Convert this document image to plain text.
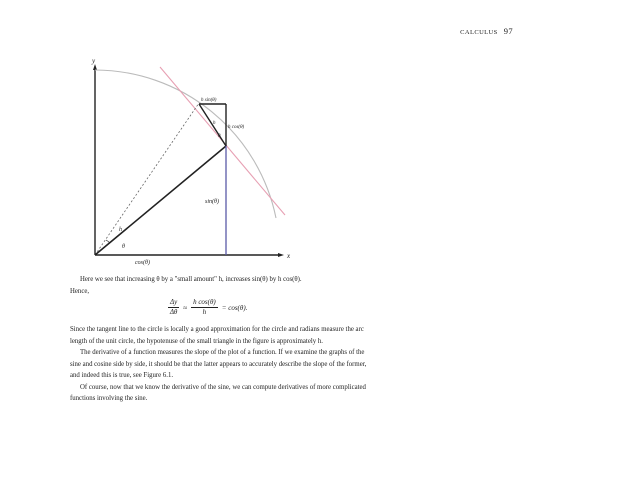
CALCULUS 97
y
x
h sin(θ)
h cos(θ)
h
θ
sin(θ)
cos(θ)
h
θ

Here we see that increasing θ by a "small amount" h, increases sin(θ) by h cos(θ).

Hence,

$\frac{\Delta y}{\Delta\theta} \approx \frac{\text{h cos(θ)}}{h} = \cos(\theta)$.

Since the tangent line to the circle is locally a good approximation for the circle and radians measure the arc length of the unit circle, the hypotenuse of the small triangle in the figure is approximately h.

The derivative of a function measures the slope of the plot of a function. If we examine the graphs of the sine and cosine side by side, it should be that the latter appears to accurately describe the slope of the former, and indeed this is true, see Figure 6.1.

Of course, now that we know the derivative of the sine, we can compute derivatives of more complicated functions involving the sine.
